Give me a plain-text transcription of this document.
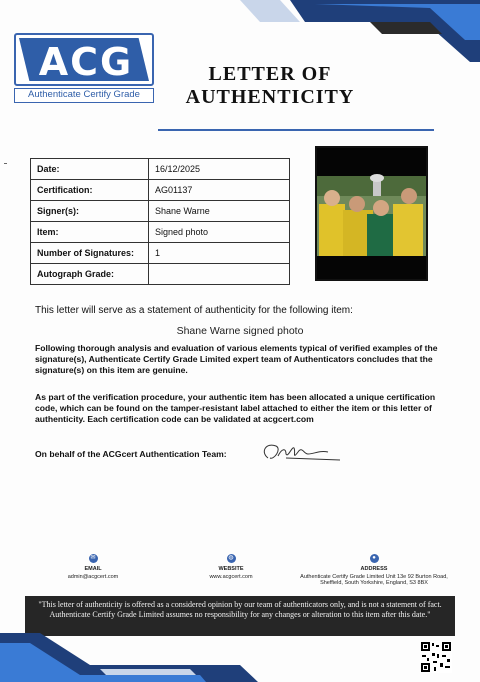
ACG
Authenticate Certify Grade
LETTER OF
AUTHENTICITY
Date:	16/12/2025
Certification:	AG01137
Signer(s):	Shane Warne
Item:	Signed photo
Number of Signatures:	1
Autograph Grade:	
This letter will serve as a statement of authenticity for the following item:
Shane Warne signed photo
Following thorough analysis and evaluation of various elements typical of verified examples of the signature(s), Authenticate Certify Grade Limited expert team of Authenticators concludes that the signature(s) on this item are genuine.
As part of the verification procedure, your authentic item has been allocated a unique certification code, which can be found on the tamper-resistant label attached to either the item or this letter of authenticity. Each certification code can be validated at acgcert.com
On behalf of the ACGcert Authentication Team:
✉
EMAIL
admin@acgcert.com
◍
WEBSITE
www.acgcert.com
●
ADDRESS
Authenticate Certify Grade Limited Unit 13e 92 Burton Road, Sheffield, South Yorkshire, England, S3 8BX
"This letter of authenticity is offered as a considered opinion by our team of authenticators only, and is not a statement of fact. Authenticate Certify Grade Limited assumes no responsibility for any changes or alteration to this item after this date."
